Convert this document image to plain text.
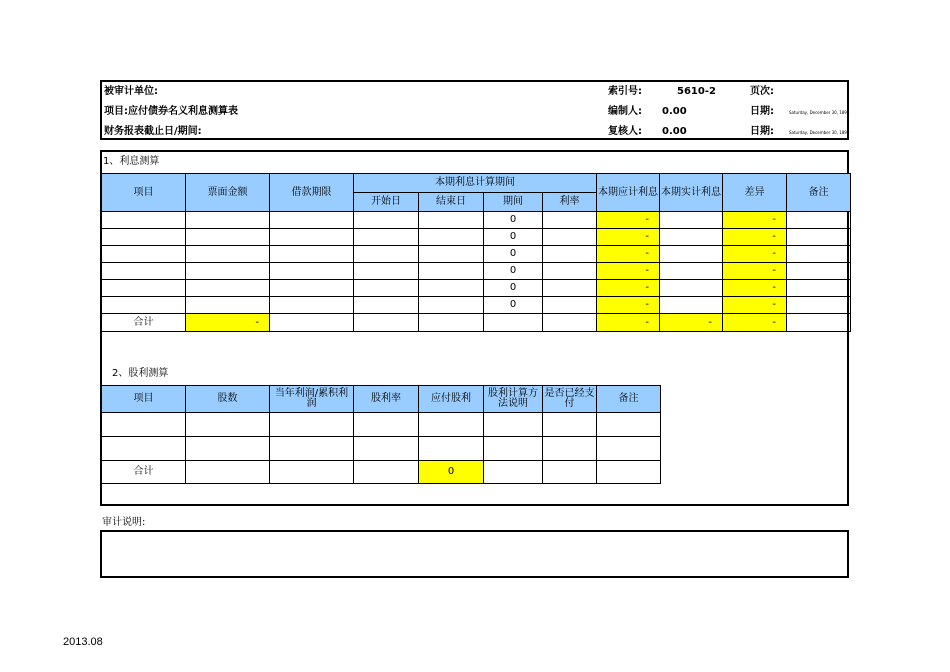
被审计单位:
项目:应付债券名义利息测算表
财务报表截止日/期间:
索引号:	5610-2	页次:
编制人: 0.00	日期:	Saturday, December 30, 1899
复核人: 0.00	日期:	Saturday, December 30, 1899
1、利息测算
项目	票面金额	借款期限	本期利息计算期间				本期应计利息	本期实计利息	差异	备注
			开始日	结束日	期间	利率				
					0		-		-	
					0		-		-	
					0		-		-	
					0		-		-	
					0		-		-	
					0		-		-	
合计	-						-	-	-	
2、股利测算
项目	股数	当年利润/累积利润	股利率	应付股利	股利计算方法说明	是否已经支付	备注

合计				0			
审计说明:
2013.08
